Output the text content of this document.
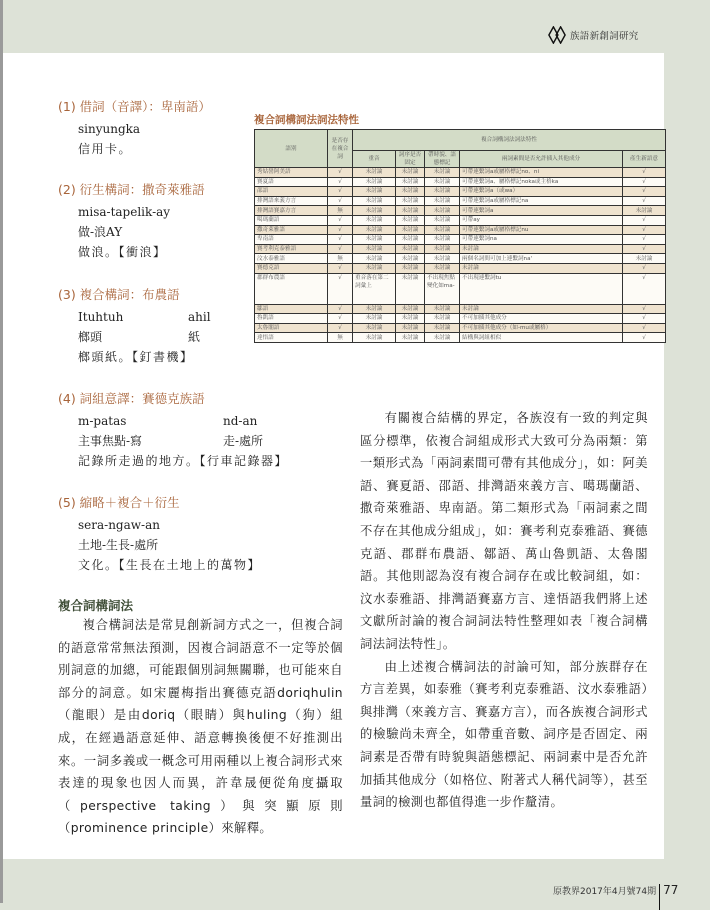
族語新創詞研究
(1) 借詞（音譯）：卑南語）
sinyungka
信用卡。
(2) 衍生構詞：撒奇萊雅語
misa-tapelik-ay
做-浪AY
做浪。【衝浪】
(3) 複合構詞：布農語
Ituhtuh	ahil
榔頭	紙
榔頭紙。【釘書機】
(4) 詞組意譯：賽德克族語
m-patas	nd-an
主事焦點-寫	走-處所
記錄所走過的地方。【行車記錄器】
(5) 縮略＋複合＋衍生
sera-ngaw-an
土地-生長-處所
文化。【生長在土地上的萬物】
複合詞構詞法

複合構詞法是常見創新詞方式之一，但複合詞的語意常常無法預測，因複合詞語意不一定等於個別詞意的加總，可能跟個別詞無關聯，也可能來自部分的詞意。如宋麗梅指出賽德克語doriqhulin（龍眼）是由doriq（眼睛）與huling（狗）組成，在經過語意延伸、語意轉換後便不好推測出來。一詞多義或一概念可用兩種以上複合詞形式來表達的現象也因人而異，許韋晟便從角度攝取（perspective taking）與突顯原則（prominence principle）來解釋。

有關複合結構的界定，各族沒有一致的判定與區分標準，依複合詞組成形式大致可分為兩類：第一類形式為「兩詞素間可帶有其他成分」，如：阿美語、賽夏語、邵語、排灣語來義方言、噶瑪蘭語、撒奇萊雅語、卑南語。第二類形式為「兩詞素之間不存在其他成分組成」，如：賽考利克泰雅語、賽德克語、郡群布農語、鄒語、萬山魯凱語、太魯閣語。其他則認為沒有複合詞存在或比較詞組，如：汶水泰雅語、排灣語賽嘉方言、達悟語我們將上述文獻所討論的複合詞詞法特性整理如表「複合詞構詞法詞法特性」。

由上述複合構詞法的討論可知，部分族群存在方言差異，如泰雅（賽考利克泰雅語、汶水泰雅語）與排灣（來義方言、賽嘉方言），而各族複合詞形式的檢驗尚未齊全，如帶重音數、詞序是否固定、兩詞素是否帶有時貌與語態標記、兩詞素中是否允許加插其他成分（如格位、附著式人稱代詞等），甚至量詞的檢測也都值得進一步作釐清。

複合詞構詞法詞法特性
語別	是否存在複合詞	複合詞構詞法詞法特性				
		重音	詞序是否固定	帶時貌、語態標記	兩詞素間是否允許插入其他成分	產生新語意
秀姑巒阿美語	√	未討論	未討論	未討論	可帶連繫詞a或屬格標記no、ni	√
賽夏語	√	未討論	未討論	未討論	可帶連繫詞a、屬格標記noka或主格ka	√
邵語	√	未討論	未討論	未討論	可帶連繫詞a（或wa）	√
排灣語來義方言	√	未討論	未討論	未討論	可帶連繫詞a或屬格標記na	√
排灣語賽嘉方言	無	未討論	未討論	未討論	可帶連繫詞a	未討論
噶瑪蘭語	√	未討論	未討論	未討論	可帶ay	√
撒奇萊雅語	√	未討論	未討論	未討論	可帶連繫詞a或屬格標記nu	√
卑南語	√	未討論	未討論	未討論	可帶連繫詞na	√
賽考利克泰雅語	√	未討論	未討論	未討論	未討論	√
汶水泰雅語	無	未討論	未討論	未討論	兩個名詞間可加上連繫詞na'	未討論
賽德克語	√	未討論	未討論	未討論	未討論	√
郡群布農語	√	重音落在第二詞彙上	未討論	不出現焦點變化如ma-	不出現連繫詞tu	√
鄒語	√	未討論	未討論	未討論	未討論	√
魯凱語	√	未討論	未討論	未討論	不可加插其他成分	√
太魯閣語	√	未討論	未討論	未討論	不可加插其他成分（如-mu或屬格）	√
達悟語	無	未討論	未討論	未討論	結構與詞組相似	√
原教界2017年4月號74期 77
